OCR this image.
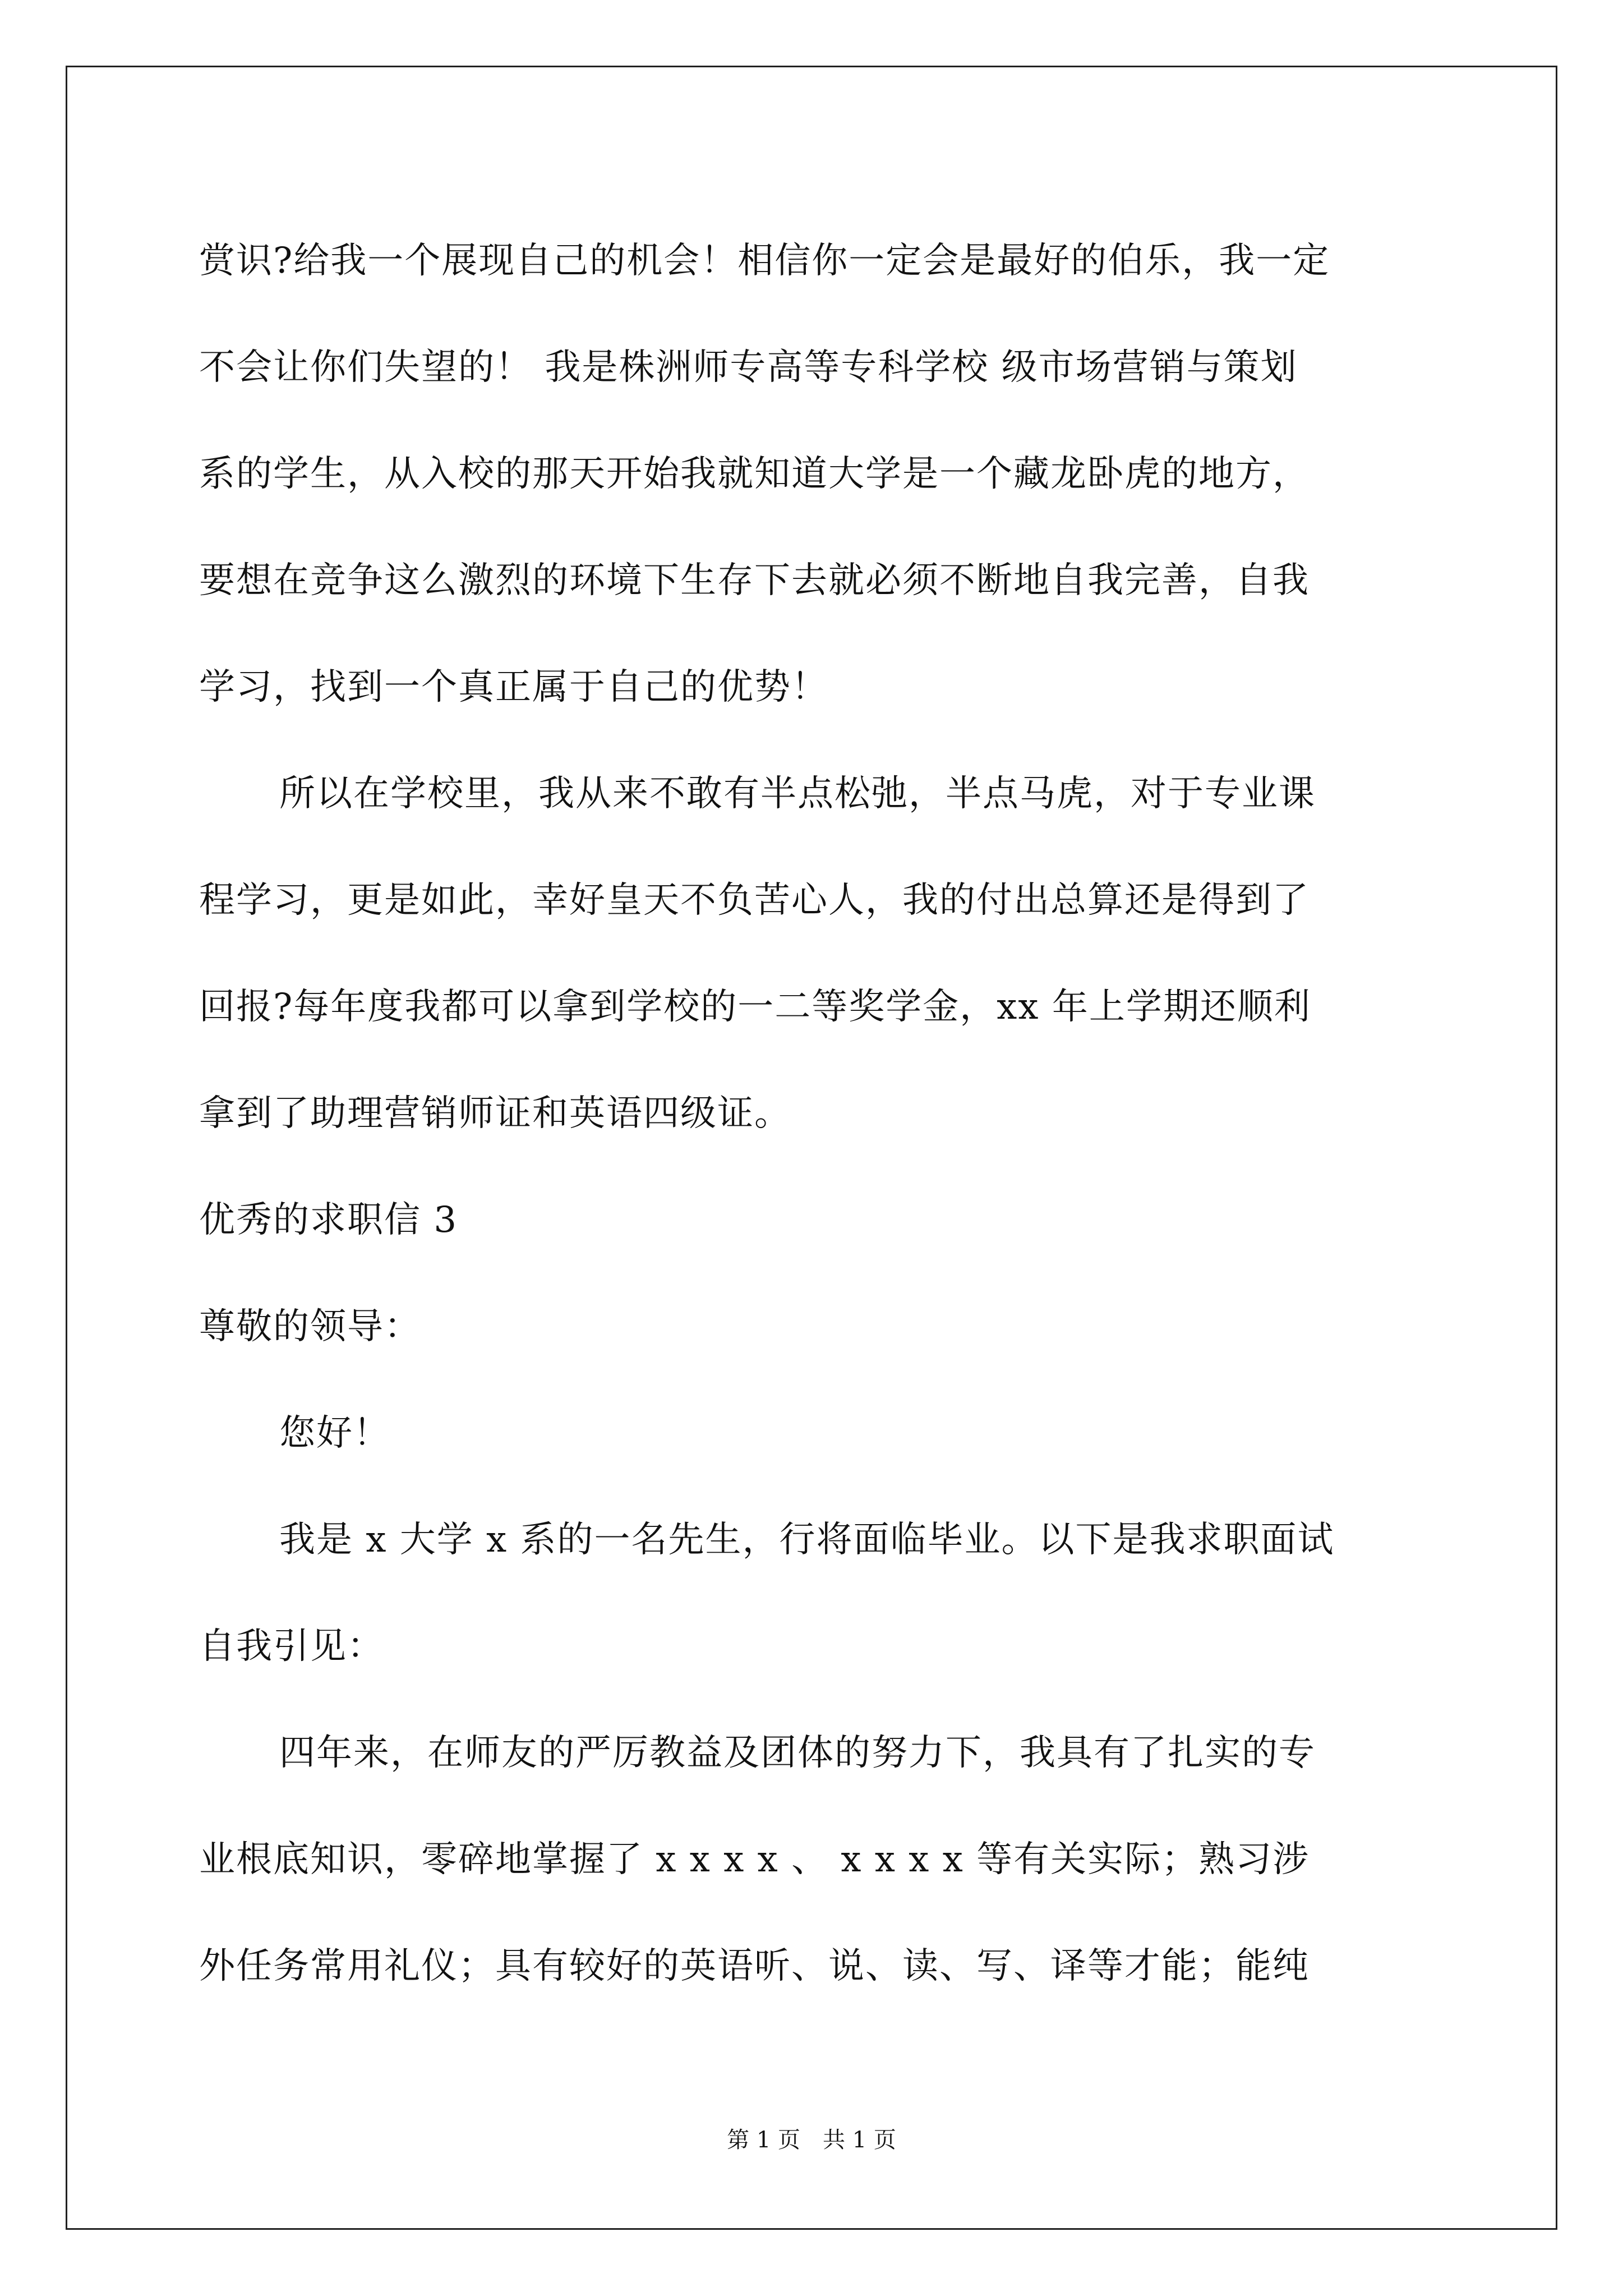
赏识?给我一个展现自己的机会！相信你一定会是最好的伯乐，我一定
不会让你们失望的！ 我是株洲师专高等专科学校 级市场营销与策划
系的学生，从入校的那天开始我就知道大学是一个藏龙卧虎的地方，
要想在竞争这么激烈的环境下生存下去就必须不断地自我完善，自我
学习，找到一个真正属于自己的优势！
所以在学校里，我从来不敢有半点松弛，半点马虎，对于专业课
程学习，更是如此，幸好皇天不负苦心人，我的付出总算还是得到了
回报?每年度我都可以拿到学校的一二等奖学金，xx 年上学期还顺利
拿到了助理营销师证和英语四级证。
优秀的求职信 3
尊敬的领导：
您好！
我是 x 大学 x 系的一名先生，行将面临毕业。以下是我求职面试
自我引见：
四年来，在师友的严厉教益及团体的努力下，我具有了扎实的专
业根底知识，零碎地掌握了 x x x x 、 x x x x 等有关实际；熟习涉
外任务常用礼仪；具有较好的英语听、说、读、写、译等才能；能纯
第 1 页　共 1 页
